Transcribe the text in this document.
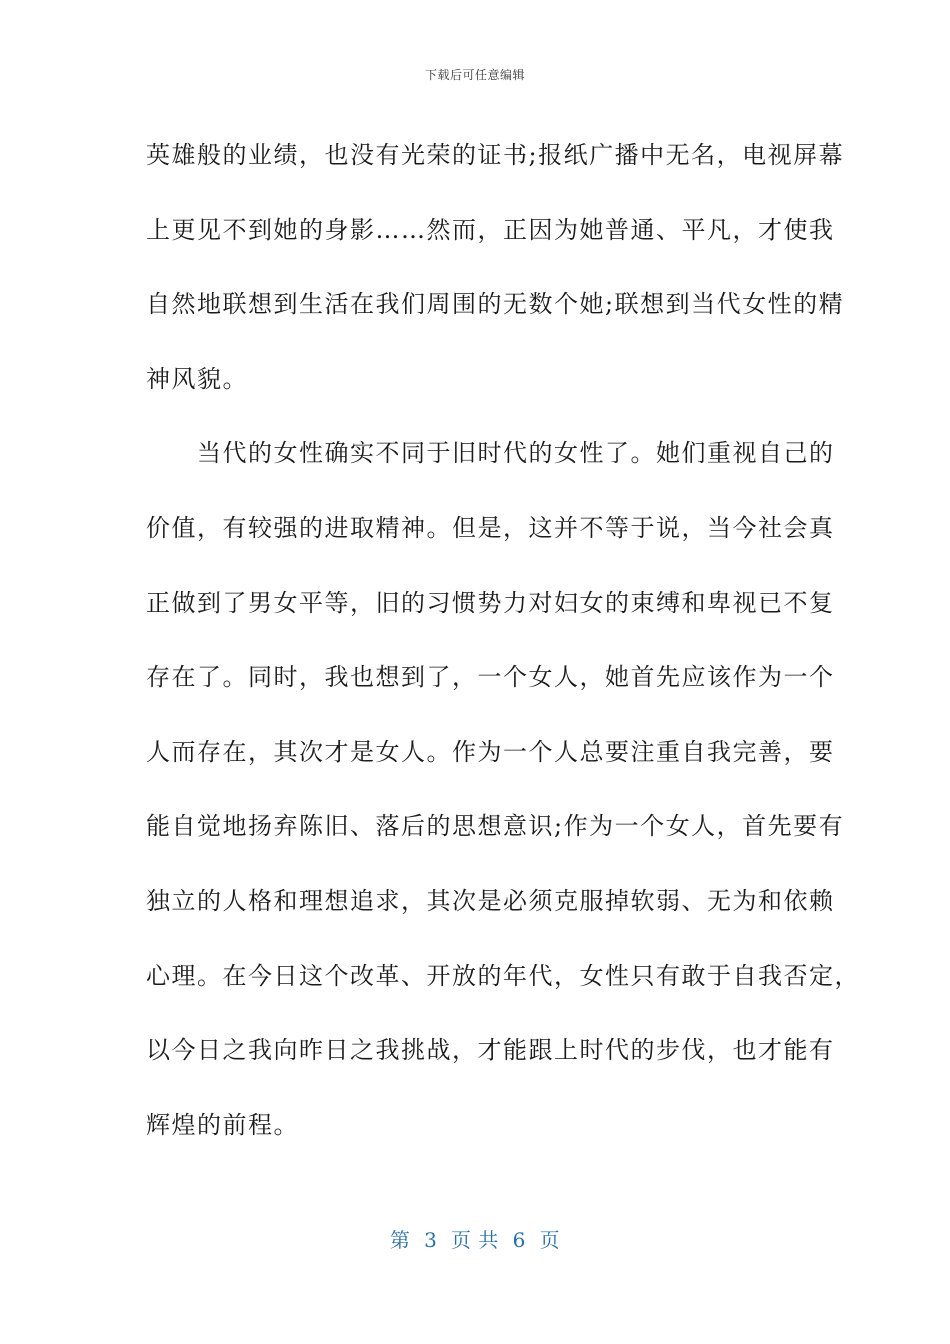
下载后可任意编辑
英雄般的业绩，也没有光荣的证书;报纸广播中无名，电视屏幕
上更见不到她的身影……然而，正因为她普通、平凡，才使我
自然地联想到生活在我们周围的无数个她;联想到当代女性的精
神风貌。
　　当代的女性确实不同于旧时代的女性了。她们重视自己的
价值，有较强的进取精神。但是，这并不等于说，当今社会真
正做到了男女平等，旧的习惯势力对妇女的束缚和卑视已不复
存在了。同时，我也想到了，一个女人，她首先应该作为一个
人而存在，其次才是女人。作为一个人总要注重自我完善，要
能自觉地扬弃陈旧、落后的思想意识;作为一个女人，首先要有
独立的人格和理想追求，其次是必须克服掉软弱、无为和依赖
心理。在今日这个改革、开放的年代，女性只有敢于自我否定，
以今日之我向昨日之我挑战，才能跟上时代的步伐，也才能有
辉煌的前程。
第  3  页 共  6  页
